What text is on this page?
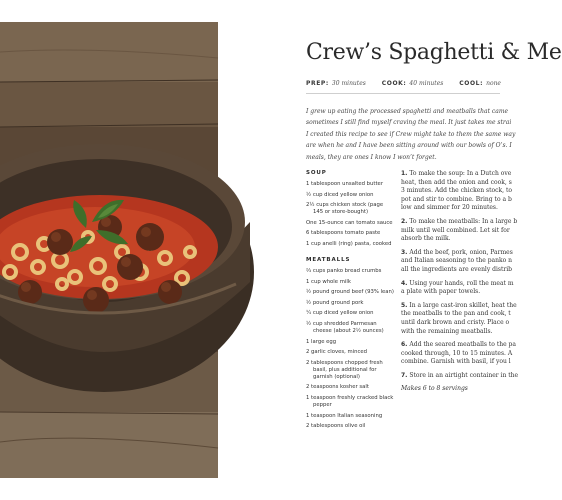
Crew’s Spaghetti & Me
PREP: 30 minutes	COOK: 40 minutes	COOL: none
I grew up eating the processed spaghetti and meatballs that came
sometimes I still find myself craving the meal. It just takes me strai
I created this recipe to see if Crew might take to them the same way
are when he and I have been sitting around with our bowls of O’s. I
meals, they are ones I know I won’t forget.
SOUP
1 tablespoon unsalted butter
½ cup diced yellow onion
2½ cups chicken stock (page 145 or store-bought)
One 15-ounce can tomato sauce
6 tablespoons tomato paste
1 cup anelli (ring) pasta, cooked
MEATBALLS
⅔ cups panko bread crumbs
1 cup whole milk
½ pound ground beef (93% lean)
½ pound ground pork
¼ cup diced yellow onion
½ cup shredded Parmesan cheese (about 2½ ounces)
1 large egg
2 garlic cloves, minced
2 tablespoons chopped fresh basil, plus additional for garnish (optional)
2 teaspoons kosher salt
1 teaspoon freshly cracked black pepper
1 teaspoon Italian seasoning
2 tablespoons olive oil
1. To make the soup: In a Dutch ove
heat, then add the onion and cook, s
3 minutes. Add the chicken stock, to
pot and stir to combine. Bring to a b
low and simmer for 20 minutes.
2. To make the meatballs: In a large b
milk until well combined. Let sit for
absorb the milk.
3. Add the beef, pork, onion, Parmes
and Italian seasoning to the panko n
all the ingredients are evenly distrib
4. Using your hands, roll the meat m
a plate with paper towels.
5. In a large cast-iron skillet, heat the
the meatballs to the pan and cook, t
until dark brown and cristy. Place o
with the remaining meatballs.
6. Add the seared meatballs to the pa
cooked through, 10 to 15 minutes. A
combine. Garnish with basil, if you l
7. Store in an airtight container in the
Makes 6 to 8 servings
